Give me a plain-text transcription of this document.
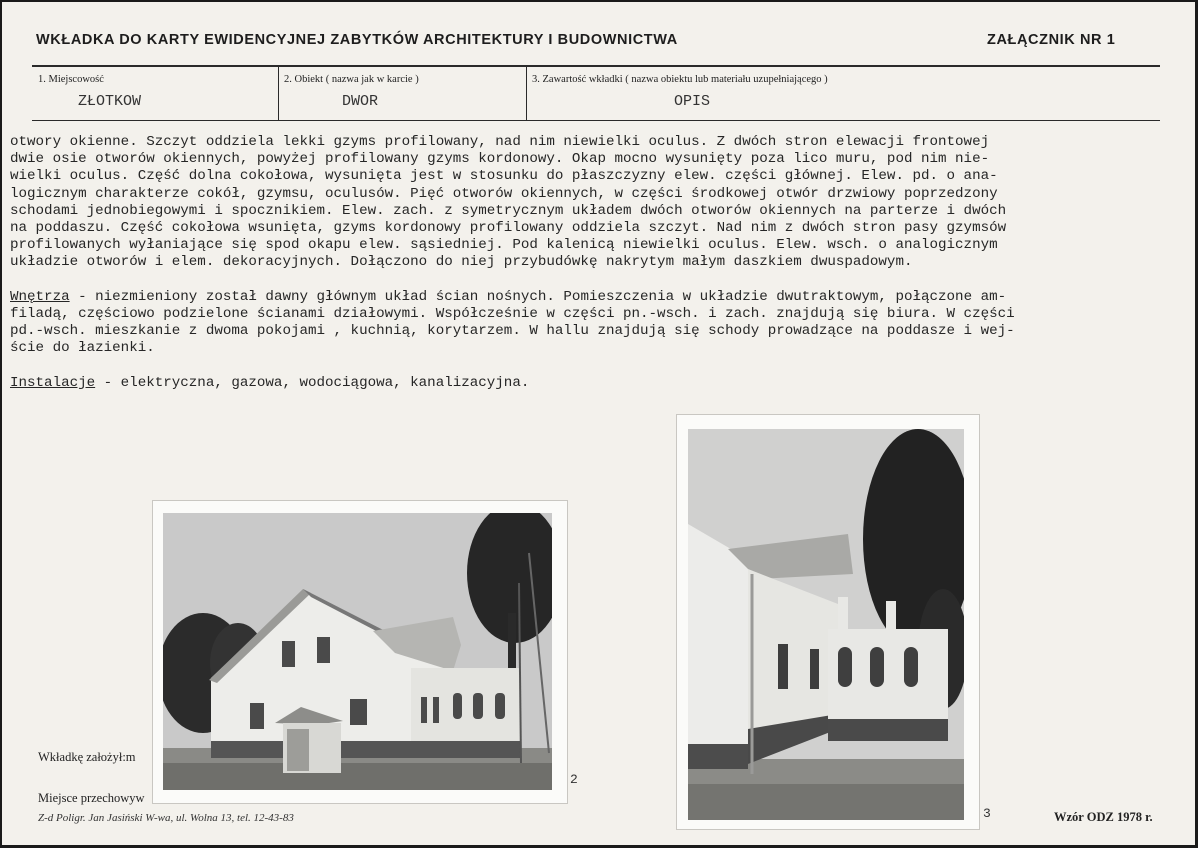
WKŁADKA DO KARTY EWIDENCYJNEJ ZABYTKÓW ARCHITEKTURY I BUDOWNICTWA	ZAŁĄCZNIK NR 1
1. Miejscowość
ZŁOTKOW
2. Obiekt ( nazwa jak w karcie )
DWOR
3. Zawartość wkładki ( nazwa obiektu lub materiału uzupełniającego )
OPIS

otwory okienne. Szczyt oddziela lekki gzyms profilowany, nad nim niewielki oculus. Z dwóch stron elewacji frontowej
dwie osie otworów okiennych, powyżej profilowany gzyms kordonowy. Okap mocno wysunięty poza lico muru, pod nim nie-
wielki oculus. Część dolna cokołowa, wysunięta jest w stosunku do płaszczyzny elew. części głównej. Elew. pd. o ana-
logicznym charakterze cokół, gzymsu, oculusów. Pięć otworów okiennych, w części środkowej otwór drzwiowy poprzedzony
schodami jednobiegowymi i spocznikiem. Elew. zach. z symetrycznym układem dwóch otworów okiennych na parterze i dwóch
na poddaszu. Część cokołowa wsunięta, gzyms kordonowy profilowany oddziela szczyt. Nad nim z dwóch stron pasy gzymsów
profilowanych wyłaniające się spod okapu elew. sąsiedniej. Pod kalenicą niewielki oculus. Elew. wsch. o analogicznym
układzie otworów i elem. dekoracyjnych. Dołączono do niej przybudówkę nakrytym małym daszkiem dwuspadowym.

Wnętrza - niezmieniony został dawny głównym układ ścian nośnych. Pomieszczenia w układzie dwutraktowym, połączone am-
filadą, częściowo podzielone ścianami działowymi. Współcześnie w części pn.-wsch. i zach. znajdują się biura. W części
pd.-wsch. mieszkanie z dwoma pokojami , kuchnią, korytarzem. W hallu znajdują się schody prowadzące na poddasze i wej-
ście do łazienki.

Instalacje - elektryczna, gazowa, wodociągowa, kanalizacyjna.

2
3
Wkładkę założył:m
Miejsce przechowyw
Z-d Poligr. Jan Jasiński W-wa, ul. Wolna 13, tel. 12-43-83	Wzór ODZ 1978 r.
